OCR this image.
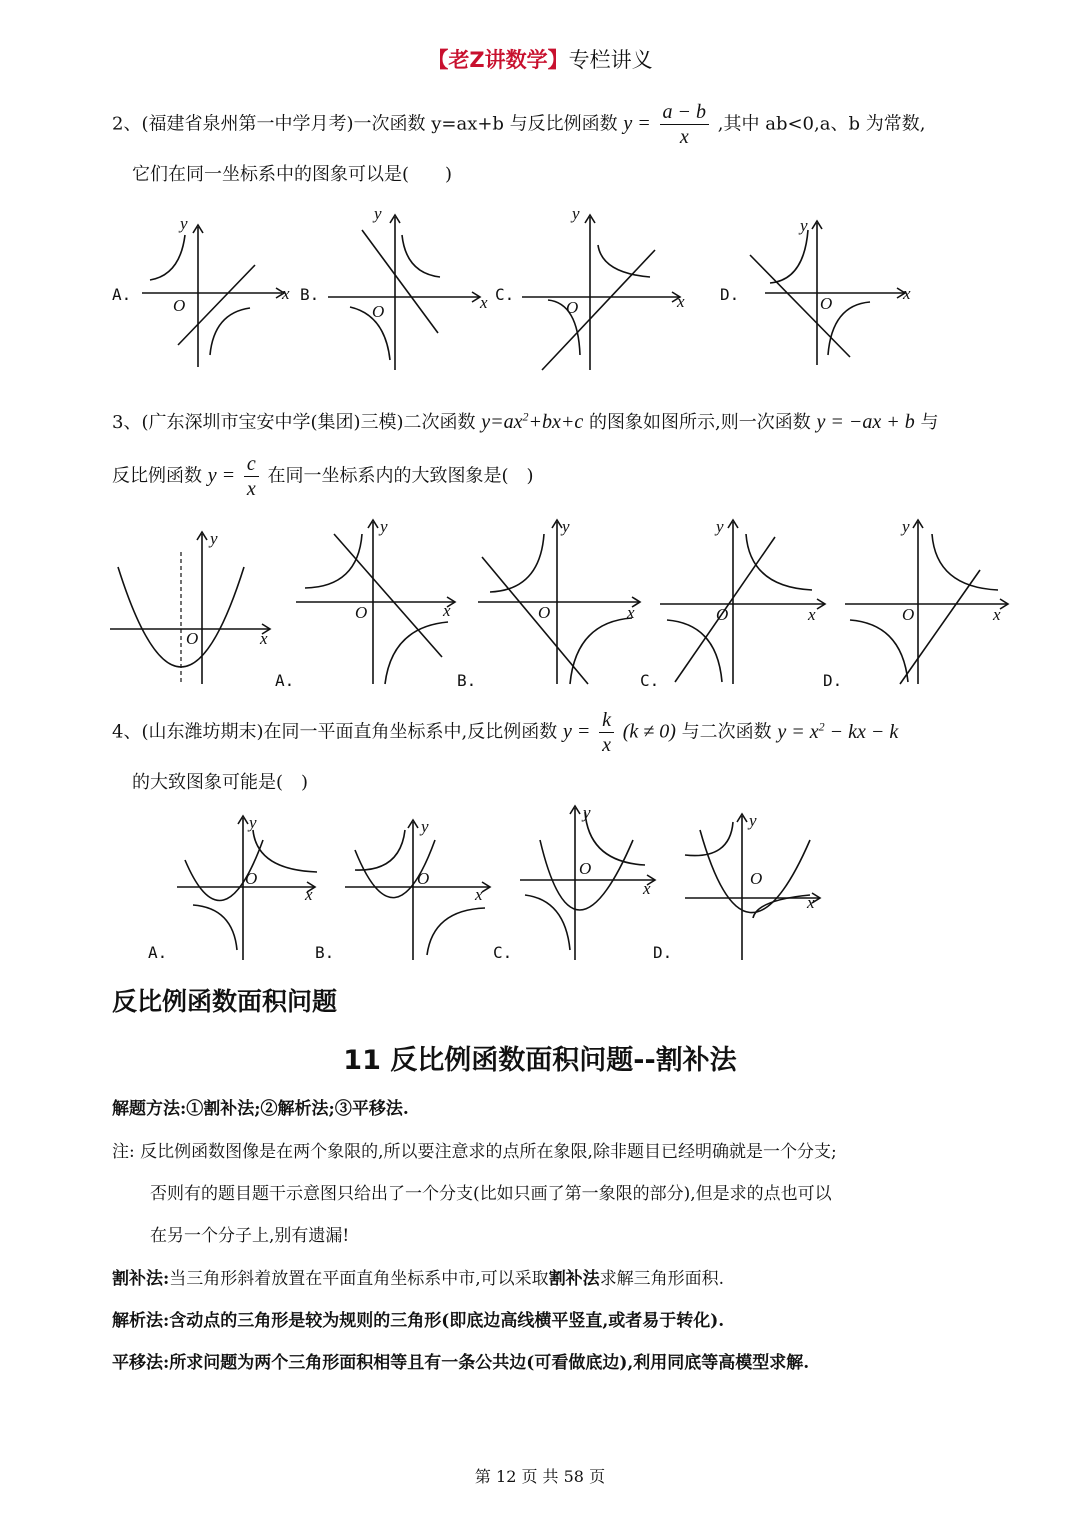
【老Z讲数学】专栏讲义
2、(福建省泉州第一中学月考)一次函数 y=ax+b 与反比例函数 $y = \frac{a - b}{x}$ ,其中 ab<0,a、b 为常数,
它们在同一坐标系中的图象可以是(　　)
A.	x
y
O
B.	x
y
O
C.	x
y
O
D.	x
y
O
3、(广东深圳市宝安中学(集团)三模)二次函数 $y=ax^2+bx+c$ 的图象如图所示,则一次函数 y = −ax + b 与
反比例函数 $y = \frac{c}{x}$ 在同一坐标系内的大致图象是(　)
x
y
O
A.
x
y
O
B.
x
y
O
C.
x
y
O
D.
x
y
O
4、(山东潍坊期末)在同一平面直角坐标系中,反比例函数 $y = \frac{k}{x} (k \ne 0)$ 与二次函数 $y = x^2$ − kx − k
的大致图象可能是(　)
A.
x
y
O
B.
x
y
O
C.
x
y
O
D.
x
y
O
反比例函数面积问题
11 反比例函数面积问题--割补法
解题方法:①割补法;②解析法;③平移法.
注: 反比例函数图像是在两个象限的,所以要注意求的点所在象限,除非题目已经明确就是一个分支;
否则有的题目题干示意图只给出了一个分支(比如只画了第一象限的部分),但是求的点也可以
在另一个分子上,别有遗漏!
割补法:当三角形斜着放置在平面直角坐标系中市,可以采取割补法求解三角形面积.
解析法:含动点的三角形是较为规则的三角形(即底边高线横平竖直,或者易于转化).
平移法:所求问题为两个三角形面积相等且有一条公共边(可看做底边),利用同底等高模型求解.
第 12 页 共 58 页
